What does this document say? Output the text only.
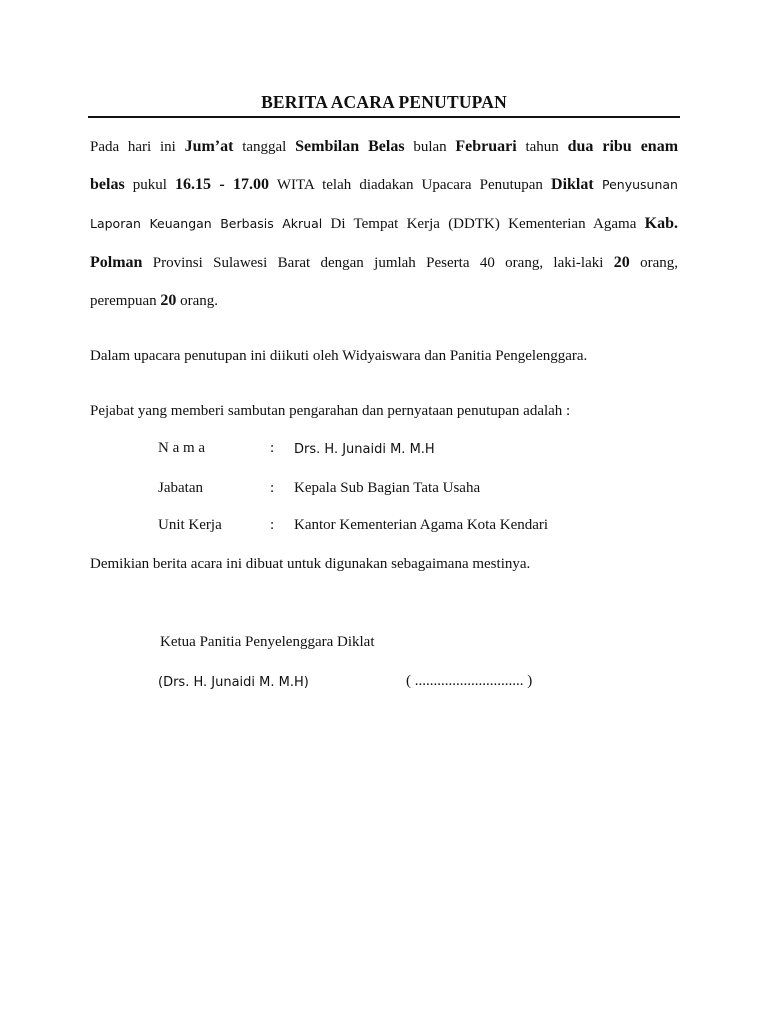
BERITA ACARA PENUTUPAN
Pada hari ini Jum’at tanggal Sembilan Belas bulan Februari tahun dua ribu enam
belas pukul 16.15 - 17.00 WITA telah diadakan Upacara Penutupan Diklat Penyusunan
Laporan Keuangan Berbasis Akrual Di Tempat Kerja (DDTK) Kementerian Agama Kab.
Polman Provinsi Sulawesi Barat dengan jumlah Peserta 40 orang, laki-laki 20 orang,
perempuan 20 orang.
Dalam upacara penutupan ini diikuti oleh Widyaiswara dan Panitia Pengelenggara.
Pejabat yang memberi sambutan pengarahan dan pernyataan penutupan adalah :
N a m a	: Drs. H. Junaidi M. M.H
Jabatan	: Kepala Sub Bagian Tata Usaha
Unit Kerja	: Kantor Kementerian Agama Kota Kendari
Demikian berita acara ini dibuat untuk digunakan sebagaimana mestinya.
Ketua Panitia Penyelenggara Diklat
(Drs. H. Junaidi M. M.H)	( ............................. )
